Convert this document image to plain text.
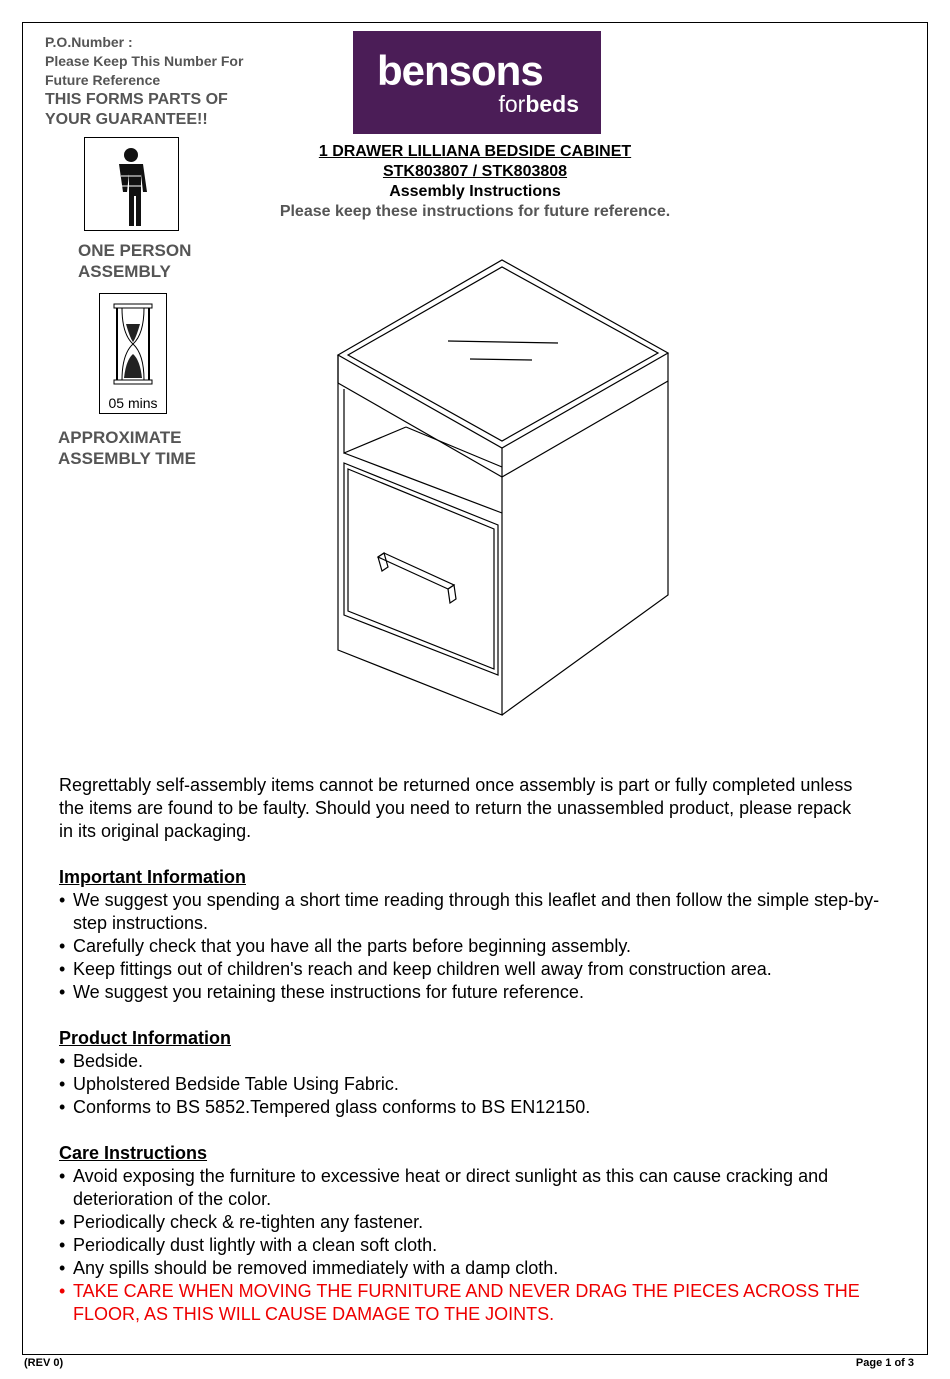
P.O.Number :
Please Keep This Number For
Future Reference
THIS FORMS PARTS OF
YOUR GUARANTEE!!
bensons
forbeds
1 DRAWER LILLIANA BEDSIDE CABINET
STK803807 / STK803808
Assembly Instructions
Please keep these instructions for future reference.
ONE PERSON
ASSEMBLY
05 mins
APPROXIMATE
ASSEMBLY TIME

Regrettably self-assembly items cannot be returned once assembly is part or fully completed unless the items are found to be faulty. Should you need to return the unassembled product, please repack in its original packaging.

Important Information
• We suggest you spending a short time reading through this leaflet and then follow the simple step-by-step instructions.
• Carefully check that you have all the parts before beginning assembly.
• Keep fittings out of children's reach and keep children well away from construction area.
• We suggest you retaining these instructions for future reference.
Product Information
• Bedside.
• Upholstered Bedside Table Using Fabric.
• Conforms to BS 5852.Tempered glass conforms to BS EN12150.
Care Instructions
• Avoid exposing the furniture to excessive heat or direct sunlight as this can cause cracking and deterioration of the color.
• Periodically check & re-tighten any fastener.
• Periodically dust lightly with a clean soft cloth.
• Any spills should be removed immediately with a damp cloth.
• TAKE CARE WHEN MOVING THE FURNITURE AND NEVER DRAG THE PIECES ACROSS THE FLOOR, AS THIS WILL CAUSE DAMAGE TO THE JOINTS.
(REV 0)	Page 1 of 3
